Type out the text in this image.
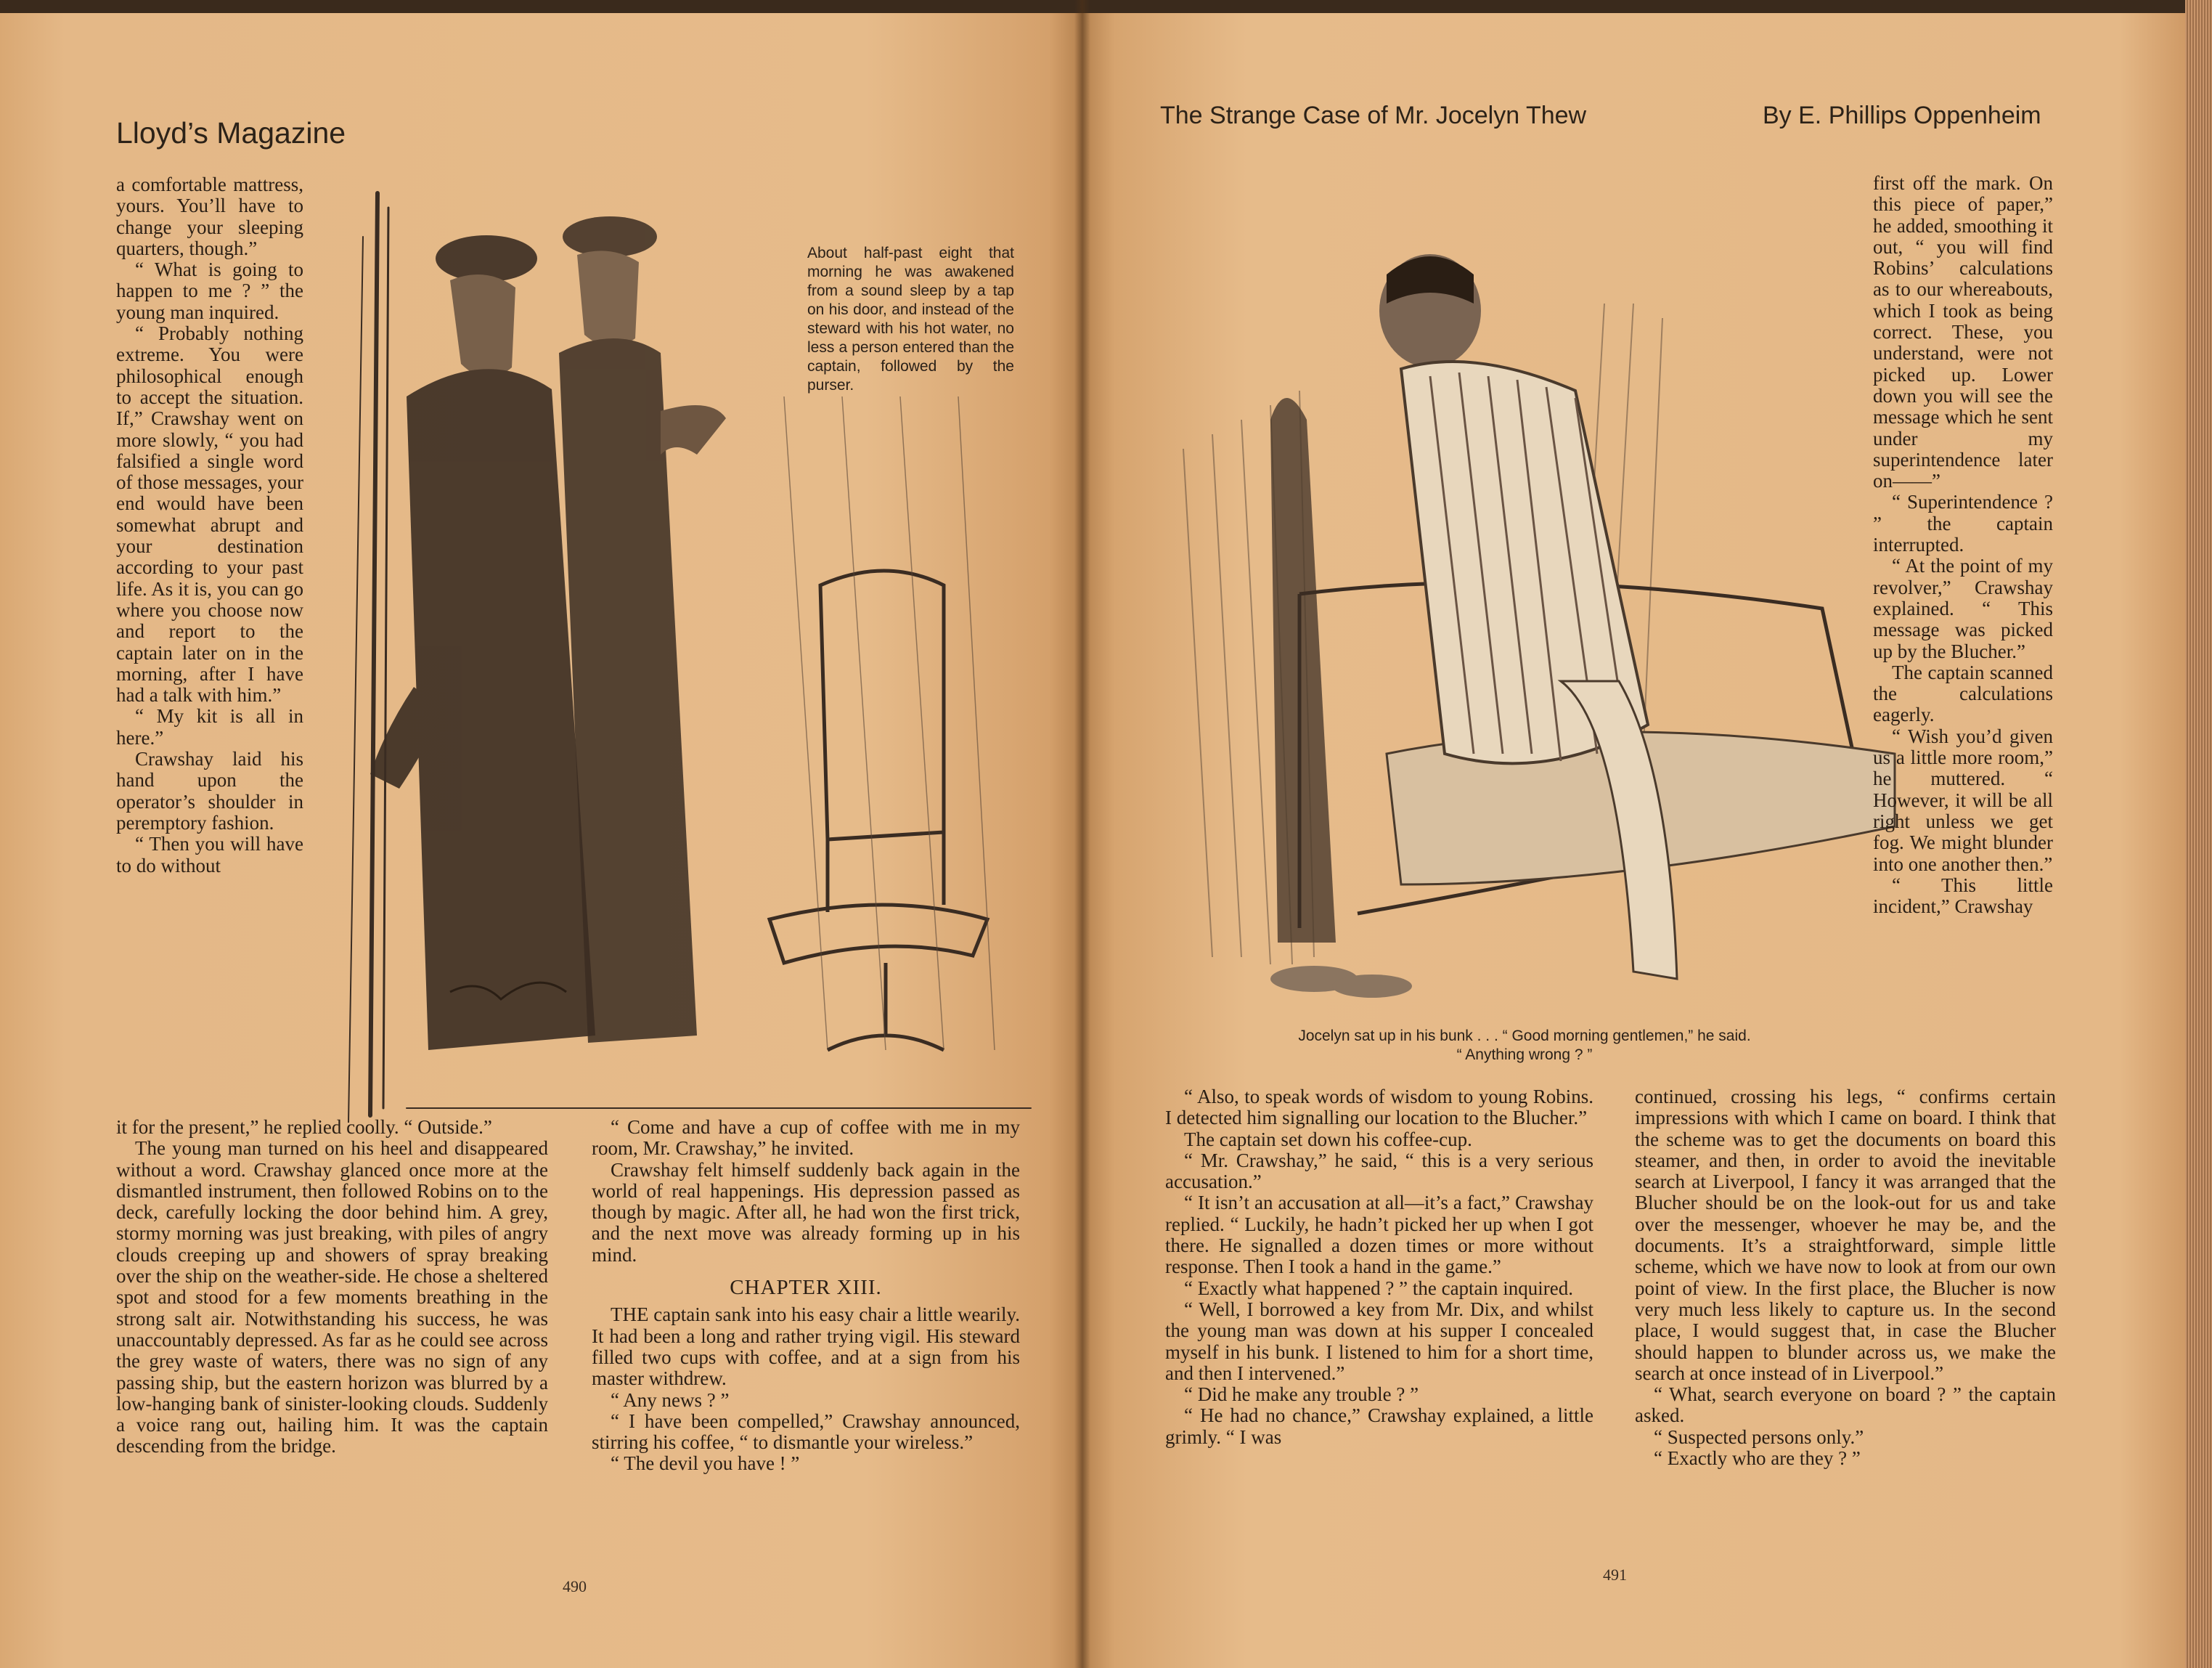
Lloyd’s Magazine

a comfortable mattress, yours. You’ll have to change your sleeping quarters, though.”

“ What is going to happen to me ? ” the young man inquired.

“ Probably nothing extreme. You were philosophical enough to accept the situation. If,” Crawshay went on more slowly, “ you had falsified a single word of those messages, your end would have been somewhat abrupt and your destination according to your past life. As it is, you can go where you choose now and report to the captain later on in the morning, after I have had a talk with him.”

“ My kit is all in here.”

Crawshay laid his hand upon the operator’s shoulder in peremptory fashion.

“ Then you will have to do without

About half-past eight that morning he was awakened from a sound sleep by a tap on his door, and instead of the steward with his hot water, no less a person entered than the captain, followed by the purser.

it for the present,” he replied coolly. “ Outside.”

The young man turned on his heel and disappeared without a word. Crawshay glanced once more at the dismantled instrument, then followed Robins on to the deck, carefully locking the door behind him. A grey, stormy morning was just breaking, with piles of angry clouds creeping up and showers of spray breaking over the ship on the weather-side. He chose a sheltered spot and stood for a few moments breathing in the strong salt air. Notwithstanding his success, he was unaccountably depressed. As far as he could see across the grey waste of waters, there was no sign of any passing ship, but the eastern horizon was blurred by a low-hanging bank of sinister-looking clouds. Suddenly a voice rang out, hailing him. It was the captain descending from the bridge.

“ Come and have a cup of coffee with me in my room, Mr. Crawshay,” he invited.

Crawshay felt himself suddenly back again in the world of real happenings. His depression passed as though by magic. After all, he had won the first trick, and the next move was already forming up in his mind.

CHAPTER XIII.

THE captain sank into his easy chair a little wearily. It had been a long and rather trying vigil. His steward filled two cups with coffee, and at a sign from his master withdrew.

“ Any news ? ”

“ I have been compelled,” Crawshay announced, stirring his coffee, “ to dismantle your wireless.”

“ The devil you have ! ”

490
The Strange Case of Mr. Jocelyn Thew	By E. Phillips Oppenheim
Jocelyn sat up in his bunk . . . “ Good morning gentlemen,” he said.
“ Anything wrong ? ”

first off the mark. On this piece of paper,” he added, smoothing it out, “ you will find Robins’ calculations as to our whereabouts, which I took as being correct. These, you understand, were not picked up. Lower down you will see the message which he sent under my superintendence later on——”

“ Superintendence ? ” the captain interrupted.

“ At the point of my revolver,” Crawshay explained. “ This message was picked up by the Blucher.”

The captain scanned the calculations eagerly.

“ Wish you’d given us a little more room,” he muttered. “ However, it will be all right unless we get fog. We might blunder into one another then.”

“ This little incident,” Crawshay

“ Also, to speak words of wisdom to young Robins. I detected him signalling our location to the Blucher.”

The captain set down his coffee-cup.

“ Mr. Crawshay,” he said, “ this is a very serious accusation.”

“ It isn’t an accusation at all—it’s a fact,” Crawshay replied. “ Luckily, he hadn’t picked her up when I got there. He signalled a dozen times or more without response. Then I took a hand in the game.”

“ Exactly what happened ? ” the captain inquired.

“ Well, I borrowed a key from Mr. Dix, and whilst the young man was down at his supper I concealed myself in his bunk. I listened to him for a short time, and then I intervened.”

“ Did he make any trouble ? ”

“ He had no chance,” Crawshay explained, a little grimly. “ I was

continued, crossing his legs, “ confirms certain impressions with which I came on board. I think that the scheme was to get the documents on board this steamer, and then, in order to avoid the inevitable search at Liverpool, I fancy it was arranged that the Blucher should be on the look-out for us and take over the messenger, whoever he may be, and the documents. It’s a straightforward, simple little scheme, which we have now to look at from our own point of view. In the first place, the Blucher is now very much less likely to capture us. In the second place, I would suggest that, in case the Blucher should happen to blunder across us, we make the search at once instead of in Liverpool.”

“ What, search everyone on board ? ” the captain asked.

“ Suspected persons only.”

“ Exactly who are they ? ”

491
